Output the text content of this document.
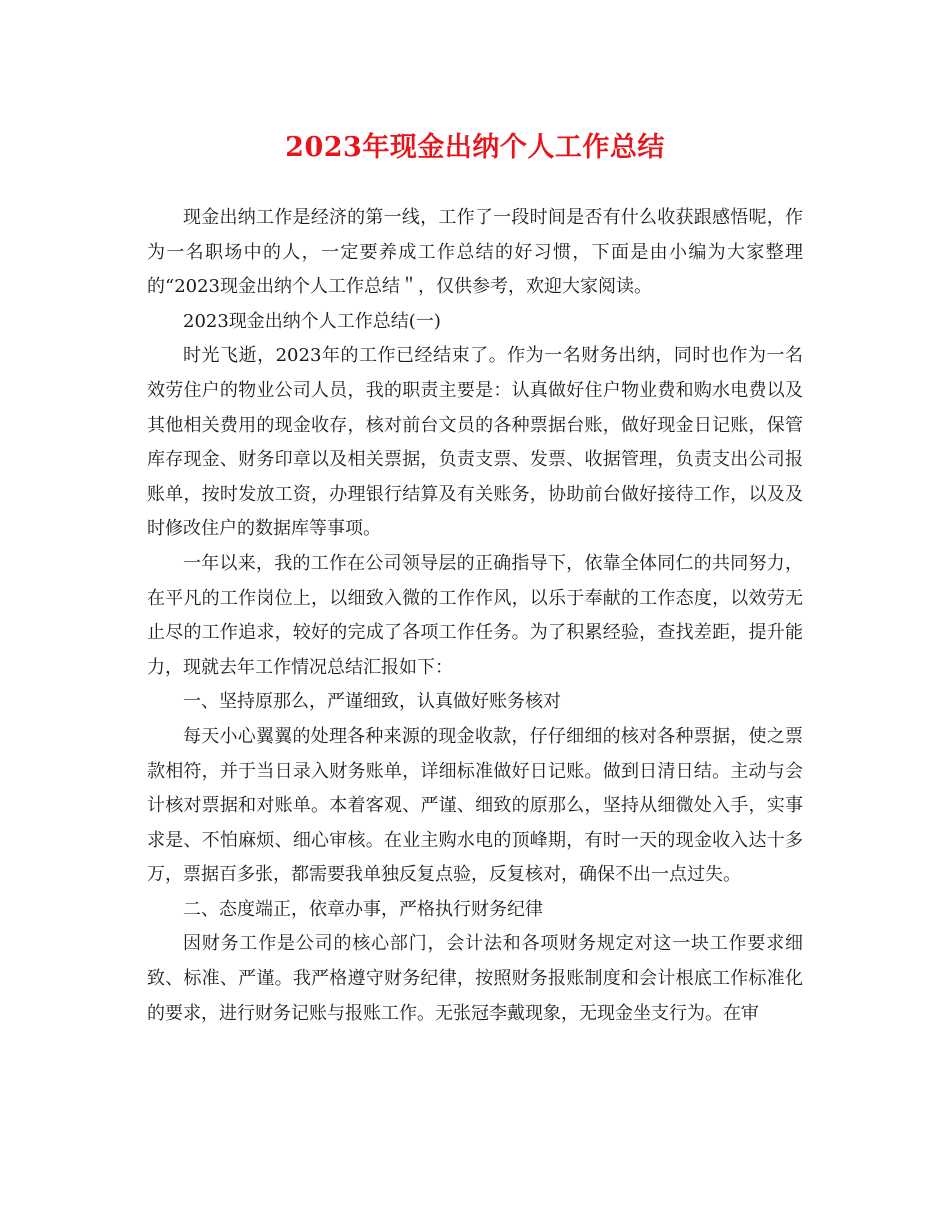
2023年现金出纳个人工作总结

现金出纳工作是经济的第一线，工作了一段时间是否有什么收获跟感悟呢，作为一名职场中的人，一定要养成工作总结的好习惯，下面是由小编为大家整理的“2023现金出纳个人工作总结＂，仅供参考，欢迎大家阅读。

2023现金出纳个人工作总结(一)

时光飞逝，2023年的工作已经结束了。作为一名财务出纳，同时也作为一名效劳住户的物业公司人员，我的职责主要是：认真做好住户物业费和购水电费以及其他相关费用的现金收存，核对前台文员的各种票据台账，做好现金日记账，保管库存现金、财务印章以及相关票据，负责支票、发票、收据管理，负责支出公司报账单，按时发放工资，办理银行结算及有关账务，协助前台做好接待工作，以及及时修改住户的数据库等事项。

一年以来，我的工作在公司领导层的正确指导下，依靠全体同仁的共同努力，在平凡的工作岗位上，以细致入微的工作作风，以乐于奉献的工作态度，以效劳无止尽的工作追求，较好的完成了各项工作任务。为了积累经验，查找差距，提升能力，现就去年工作情况总结汇报如下：

一、坚持原那么，严谨细致，认真做好账务核对

每天小心翼翼的处理各种来源的现金收款，仔仔细细的核对各种票据，使之票款相符，并于当日录入财务账单，详细标准做好日记账。做到日清日结。主动与会计核对票据和对账单。本着客观、严谨、细致的原那么，坚持从细微处入手，实事求是、不怕麻烦、细心审核。在业主购水电的顶峰期，有时一天的现金收入达十多万，票据百多张，都需要我单独反复点验，反复核对，确保不出一点过失。

二、态度端正，依章办事，严格执行财务纪律

因财务工作是公司的核心部门，会计法和各项财务规定对这一块工作要求细致、标准、严谨。我严格遵守财务纪律，按照财务报账制度和会计根底工作标准化的要求，进行财务记账与报账工作。无张冠李戴现象，无现金坐支行为。在审
